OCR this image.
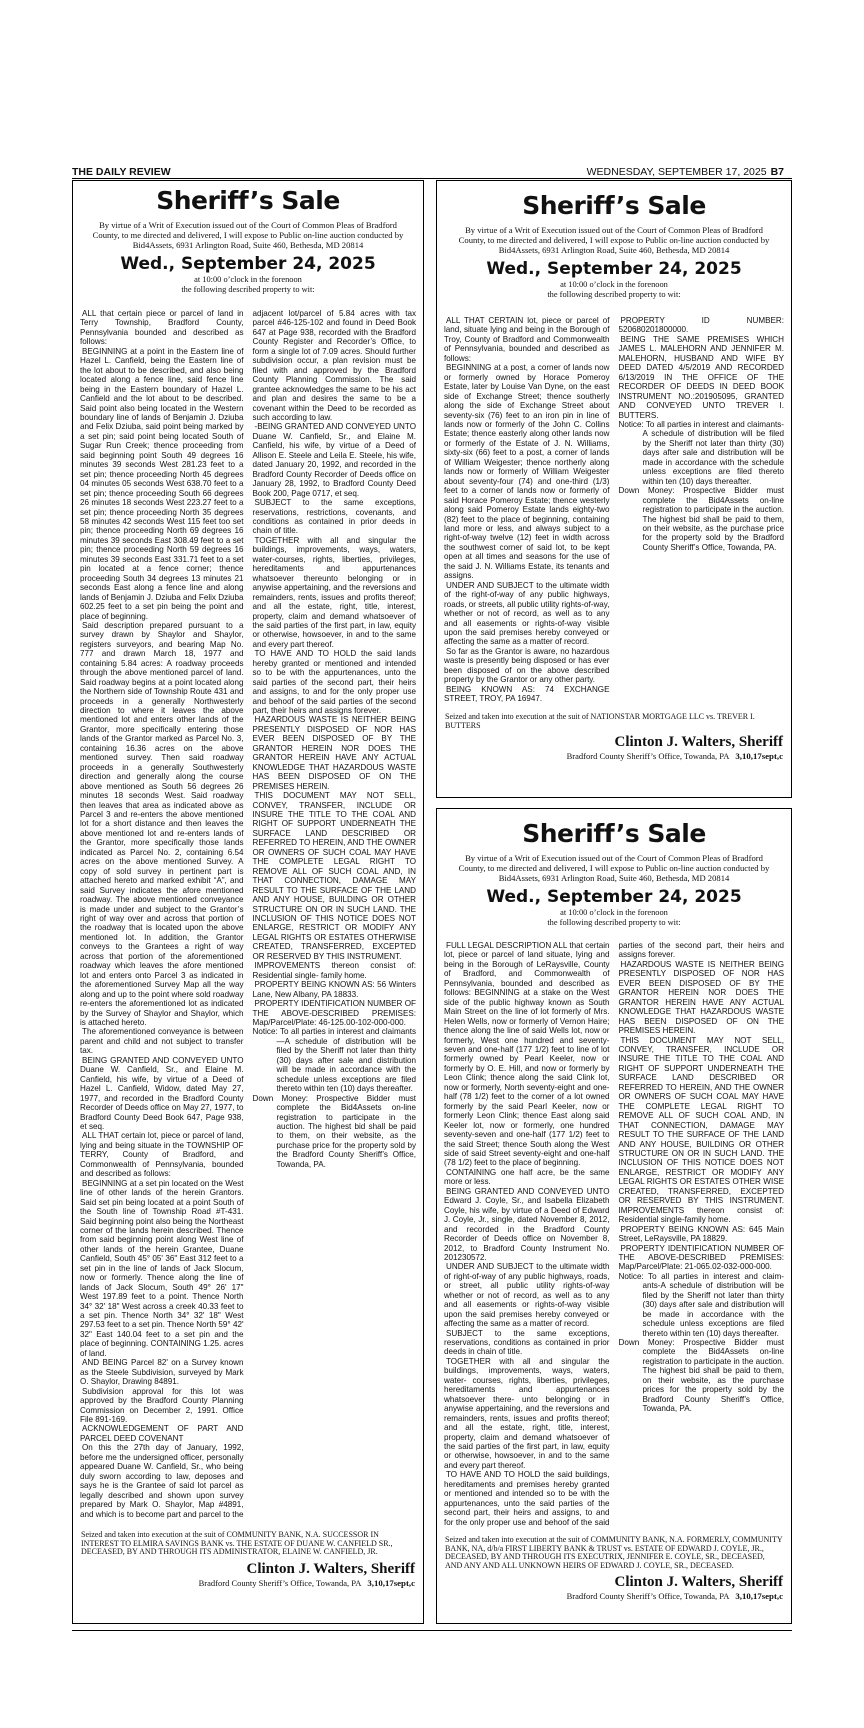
THE DAILY REVIEW	WEDNESDAY, SEPTEMBER 17, 2025 B7
Sheriff’s Sale
By virtue of a Writ of Execution issued out of the Court of Common Pleas of Bradford County, to me directed and delivered, I will expose to Public on-line auction conducted by Bid4Assets, 6931 Arlington Road, Suite 460, Bethesda, MD 20814
Wed., September 24, 2025
at 10:00 o’clock in the forenoon
the following described property to wit:

ALL that certain piece or parcel of land in Terry Township, Bradford County, Pennsylvania bounded and described as follows:

BEGINNING at a point in the Eastern line of Hazel L. Canfield, being the Eastern line of the lot about to be described, and also being located along a fence line, said fence line being in the Eastern boundary of Hazel L. Canfield and the lot about to be described. Said point also being located in the Western boundary line of lands of Benjamin J. Dziuba and Felix Dziuba, said point being marked by a set pin; said point being located South of Sugar Run Creek; thence proceeding from said beginning point South 49 degrees 16 minutes 39 seconds West 281.23 feet to a set pin; thence proceeding North 45 degrees 04 minutes 05 seconds West 638.70 feet to a set pin; thence proceeding South 66 degrees 26 minutes 18 seconds West 223.27 feet to a set pin; thence proceeding North 35 degrees 58 minutes 42 seconds West 115 feet too set pin; thence proceeding North 69 degrees 16 minutes 39 seconds East 308.49 feet to a set pin; thence proceeding North 59 degrees 16 minutes 39 seconds East 331.71 feet to a set pin located at a fence corner; thence proceeding South 34 degrees 13 minutes 21 seconds East along a fence line and along lands of Benjamin J. Dziuba and Felix Dziuba 602.25 feet to a set pin being the point and place of beginning.

Said description prepared pursuant to a survey drawn by Shaylor and Shaylor, registers surveyors, and bearing Map No. 777 and drawn March 18, 1977 and containing 5.84 acres: A roadway proceeds through the above mentioned parcel of land. Said roadway begins at a point located along the Northern side of Township Route 431 and proceeds in a generally Northwesterly direction to where it leaves the above mentioned lot and enters other lands of the Grantor, more specifically entering those lands of the Grantor marked as Parcel No. 3, containing 16.36 acres on the above mentioned survey. Then said roadway proceeds in a generally Southwesterly direction and generally along the course above mentioned as South 56 degrees 26 minutes 18 seconds West. Said roadway then leaves that area as indicated above as Parcel 3 and re-enters the above mentioned lot for a short distance and then leaves the above mentioned lot and re-enters lands of the Grantor, more specifically those lands indicated as Parcel No. 2, containing 6.54 acres on the above mentioned Survey. A copy of sold survey in pertinent part is attached hereto and marked exhibit “A”, and said Survey indicates the afore mentioned roadway. The above mentioned conveyance is made under and subject to the Grantor’s right of way over and across that portion of the roadway that is located upon the above mentioned lot. In addition, the Grantor conveys to the Grantees a right of way across that portion of the aforementioned roadway which leaves the afore mentioned lot and enters onto Parcel 3 as indicated in the aforementioned Survey Map all the way along and up to the point where sold roadway re-enters the aforementioned lot as indicated by the Survey of Shaylor and Shaylor, which is attached hereto.

The aforementioned conveyance is between parent and child and not subject to transfer tax.

BEING GRANTED AND CONVEYED UNTO Duane W. Canfield, Sr., and Elaine M. Canfield, his wife, by virtue of a Deed of Hazel L. Canfield, Widow, dated May 27, 1977, and recorded in the Bradford County Recorder of Deeds office on May 27, 1977, to Bradford County Deed Book 647, Page 938, et seq.

ALL THAT certain lot, piece or parcel of land, lying and being situate in the TOWNSHIP OF TERRY, County of Bradford, and Commonwealth of Pennsylvania, bounded and described as follows:

BEGINNING at a set pin located on the West line of other lands of the herein Grantors. Said set pin being located at a point South of the South line of Township Road #T-431. Said beginning point also being the Northeast corner of the lands herein described. Thence from said beginning point along West line of other lands of the herein Grantee, Duane Canfield, South 45° 05' 36" East 312 feet to a set pin in the line of lands of Jack Slocum, now or formerly. Thence along the line of lands of Jack Slocum, South 49° 26' 17" West 197.89 feet to a point. Thence North 34° 32' 18" West across a creek 40.33 feet to a set pin. Thence North 34° 32' 18" West 297.53 feet to a set pin. Thence North 59° 42' 32" East 140.04 feet to a set pin and the place of beginning. CONTAINING 1.25. acres of land.

AND BEING Parcel 82' on a Survey known as the Steele Subdivision, surveyed by Mark O. Shaylor, Drawing 84891.

Subdivision approval for this lot was approved by the Bradford County Planning Commission on December 2, 1991. Office File 891-169.

ACKNOWLEDGEMENT OF PART AND PARCEL DEED COVENANT

On this the 27th day of January, 1992, before me the undersigned officer, personally appeared Duane W. Canfield, Sr., who being duly sworn according to law, deposes and says he is the Grantee of said lot parcel as legally described and shown upon survey prepared by Mark O. Shaylor, Map #4891, and which is to become part and parcel to the adjacent lot/parcel of 5.84 acres with tax parcel #46-125-102 and found in Deed Book 647 at Page 938, recorded with the Bradford County Register and Recorder’s Office, to form a single lot of 7.09 acres. Should further subdivision occur, a plan revision must be filed with and approved by the Bradford County Planning Commission. The said grantee acknowledges the same to be his act and plan and desires the same to be a covenant within the Deed to be recorded as such according to law.

-BEING GRANTED AND CONVEYED UNTO Duane W. Canfield, Sr., and Elaine M. Canfield, his wife, by virtue of a Deed of Allison E. Steele and Leila E. Steele, his wife, dated January 20, 1992, and recorded in the Bradford County Recorder of Deeds office on January 28, 1992, to Bradford County Deed Book 200, Page 0717, et seq.

SUBJECT to the same exceptions, reservations, restrictions, covenants, and conditions as contained in prior deeds in chain of title.

TOGETHER with all and singular the buildings, improvements, ways, waters, water-courses, rights, liberties, privileges, hereditaments and appurtenances whatsoever thereunto belonging or in anywise appertaining, and the reversions and remainders, rents, issues and profits thereof; and all the estate, right, title, interest, property, claim and demand whatsoever of the said parties of the first part, in law, equity or otherwise, howsoever, in and to the same and every part thereof.

TO HAVE AND TO HOLD the said lands hereby granted or mentioned and intended so to be with the appurtenances, unto the said parties of the second part, their heirs and assigns, to and for the only proper use and behoof of the said parties of the second part, their heirs and assigns forever.

HAZARDOUS WASTE IS NEITHER BEING PRESENTLY DISPOSED OF NOR HAS EVER BEEN DISPOSED OF BY THE GRANTOR HEREIN NOR DOES THE GRANTOR HEREIN HAVE ANY ACTUAL KNOWLEDGE THAT HAZARDOUS WASTE HAS BEEN DISPOSED OF ON THE PREMISES HEREIN.

THIS DOCUMENT MAY NOT SELL, CONVEY, TRANSFER, INCLUDE OR INSURE THE TITLE TO THE COAL AND RIGHT OF SUPPORT UNDERNEATH THE SURFACE LAND DESCRIBED OR REFERRED TO HEREIN, AND THE OWNER OR OWNERS OF SUCH COAL MAY HAVE THE COMPLETE LEGAL RIGHT TO REMOVE ALL OF SUCH COAL AND, IN THAT CONNECTION, DAMAGE MAY RESULT TO THE SURFACE OF THE LAND AND ANY HOUSE, BUILDING OR OTHER STRUCTURE ON OR IN SUCH LAND. THE INCLUSION OF THIS NOTICE DOES NOT ENLARGE, RESTRICT OR MODIFY ANY LEGAL RIGHTS OR ESTATES OTHERWISE CREATED, TRANSFERRED, EXCEPTED OR RESERVED BY THIS INSTRUMENT.

IMPROVEMENTS thereon consist of: Residential single- family home.

PROPERTY BEING KNOWN AS: 56 Winters Lane, New Albany, PA 18833.

PROPERTY IDENTIFICATION NUMBER OF THE ABOVE-DESCRIBED PREMISES: Map/Parcel/Plate: 46-125.00-102-000-000.

Notice: To all parties in interest and claimants—A schedule of distribution will be filed by the Sheriff not later than thirty (30) days after sale and distribution will be made in accordance with the schedule unless exceptions are filed thereto within ten (10) days thereafter.

Down Money: Prospective Bidder must complete the Bid4Assets on-line registration to participate in the auction. The highest bid shall be paid to them, on their website, as the purchase price for the property sold by the Bradford County Sheriff’s Office, Towanda, PA.

Seized and taken into execution at the suit of COMMUNITY BANK, N.A. SUCCESSOR IN INTEREST TO ELMIRA SAVINGS BANK vs. THE ESTATE OF DUANE W. CANFIELD SR., DECEASED, BY AND THROUGH ITS ADMINISTRATOR, ELAINE W. CANFIELD, JR.

Clinton J. Walters, Sheriff
Bradford County Sheriff’s Office, Towanda, PA 3,10,17sept,c
Sheriff’s Sale
By virtue of a Writ of Execution issued out of the Court of Common Pleas of Bradford County, to me directed and delivered, I will expose to Public on-line auction conducted by Bid4Assets, 6931 Arlington Road, Suite 460, Bethesda, MD 20814
Wed., September 24, 2025
at 10:00 o’clock in the forenoon
the following described property to wit:

ALL THAT CERTAIN lot, piece or parcel of land, situate lying and being in the Borough of Troy, County of Bradford and Commonwealth of Pennsylvania, bounded and described as follows:

BEGINNING at a post, a corner of lands now or formerly owned by Horace Pomeroy Estate, later by Louise Van Dyne, on the east side of Exchange Street; thence southerly along the side of Exchange Street about seventy-six (76) feet to an iron pin in line of lands now or formerly of the John C. Collins Estate; thence easterly along other lands now or formerly of the Estate of J. N. Williams, sixty-six (66) feet to a post, a corner of lands of William Weigester; thence northerly along lands now or formerly of William Weigester about seventy-four (74) and one-third (1/3) feet to a corner of lands now or formerly of said Horace Pomeroy Estate; thence westerly along said Pomeroy Estate lands eighty-two (82) feet to the place of beginning, containing land more or less, and always subject to a right-of-way twelve (12) feet in width across the southwest corner of said lot, to be kept open at all times and seasons for the use of the said J. N. Williams Estate, its tenants and assigns.

UNDER AND SUBJECT to the ultimate width of the right-of-way of any public highways, roads, or streets, all public utility rights-of-way, whether or not of record, as well as to any and all easements or rights-of-way visible upon the said premises hereby conveyed or affecting the same as a matter of record.

So far as the Grantor is aware, no hazardous waste is presently being disposed or has ever been disposed of on the above described property by the Grantor or any other party.

BEING KNOWN AS: 74 EXCHANGE STREET, TROY, PA 16947.

PROPERTY ID NUMBER: 520680201800000.

BEING THE SAME PREMISES WHICH JAMES L. MALEHORN AND JENNIFER M. MALEHORN, HUSBAND AND WIFE BY DEED DATED 4/5/2019 AND RECORDED 6/13/2019 IN THE OFFICE OF THE RECORDER OF DEEDS IN DEED BOOK INSTRUMENT NO.:201905095, GRANTED AND CONVEYED UNTO TREVER I. BUTTERS.

Notice: To all parties in interest and claimants-A schedule of distribution will be filed by the Sheriff not later than thirty (30) days after sale and distribution will be made in accordance with the schedule unless exceptions are filed thereto within ten (10) days thereafter.

Down Money: Prospective Bidder must complete the Bid4Assets on-line registration to participate in the auction. The highest bid shall be paid to them, on their website, as the purchase price for the property sold by the Bradford County Sheriff’s Office, Towanda, PA.

Seized and taken into execution at the suit of NATIONSTAR MORTGAGE LLC vs. TREVER I. BUTTERS

Clinton J. Walters, Sheriff
Bradford County Sheriff’s Office, Towanda, PA 3,10,17sept,c
Sheriff’s Sale
By virtue of a Writ of Execution issued out of the Court of Common Pleas of Bradford County, to me directed and delivered, I will expose to Public on-line auction conducted by Bid4Assets, 6931 Arlington Road, Suite 460, Bethesda, MD 20814
Wed., September 24, 2025
at 10:00 o’clock in the forenoon
the following described property to wit:

FULL LEGAL DESCRIPTION ALL that certain lot, piece or parcel of land situate, lying and being in the Borough of LeRaysville, County of Bradford, and Commonwealth of Pennsylvania, bounded and described as follows: BEGINNING at a stake on the West side of the public highway known as South Main Street on the line of lot formerly of Mrs. Helen Wells, now or formerly of Vernon Haire; thence along the line of said Wells lot, now or formerly, West one hundred and seventy-seven and one-half (177 1/2) feet to line of lot formerly owned by Pearl Keeler, now or formerly by O. E. Hill, and now or formerly by Leon Clink; thence along the said Clink lot, now or formerly, North seventy-eight and one-half (78 1/2) feet to the corner of a lot owned formerly by the said Pearl Keeler, now or formerly Leon Clink; thence East along said Keeler lot, now or formerly, one hundred seventy-seven and one-half (177 1/2) feet to the said Street; thence South along the West side of said Street seventy-eight and one-half (78 1/2) feet to the place of beginning.

CONTAINING one half acre, be the same more or less.

BEING GRANTED AND CONVEYED UNTO Edward J. Coyle, Sr., and Isabella Elizabeth Coyle, his wife, by virtue of a Deed of Edward J. Coyle, Jr., single, dated November 8, 2012, and recorded in the Bradford County Recorder of Deeds office on November 8, 2012, to Bradford County Instrument No. 201230572.

UNDER AND SUBJECT to the ultimate width of right-of-way of any public highways, roads, or street, all public utility rights-of-way whether or not of record, as well as to any and all easements or rights-of-way visible upon the said premises hereby conveyed or affecting the same as a matter of record.

SUBJECT to the same exceptions, reservations, conditions as contained in prior deeds in chain of title.

TOGETHER with all and singular the buildings, improvements, ways, waters, water- courses, rights, liberties, privileges, hereditaments and appurtenances whatsoever there- unto belonging or in anywise appertaining, and the reversions and remainders, rents, issues and profits thereof; and all the estate, right, title, interest, property, claim and demand whatsoever of the said parties of the first part, in law, equity or otherwise, howsoever, in and to the same and every part thereof.

TO HAVE AND TO HOLD the said buildings, hereditaments and premises hereby granted or mentioned and intended so to be with the appurtenances, unto the said parties of the second part, their heirs and assigns, to and for the only proper use and behoof of the said parties of the second part, their heirs and assigns forever.

HAZARDOUS WASTE IS NEITHER BEING PRESENTLY DISPOSED OF NOR HAS EVER BEEN DISPOSED OF BY THE GRANTOR HEREIN NOR DOES THE GRANTOR HEREIN HAVE ANY ACTUAL KNOWLEDGE THAT HAZARDOUS WASTE HAS BEEN DISPOSED OF ON THE PREMISES HEREIN.

THIS DOCUMENT MAY NOT SELL, CONVEY, TRANSFER, INCLUDE OR INSURE THE TITLE TO THE COAL AND RIGHT OF SUPPORT UNDERNEATH THE SURFACE LAND DESCRIBED OR REFERRED TO HEREIN, AND THE OWNER OR OWNERS OF SUCH COAL MAY HAVE THE COMPLETE LEGAL RIGHT TO REMOVE ALL OF SUCH COAL AND, IN THAT CONNECTION, DAMAGE MAY RESULT TO THE SURFACE OF THE LAND AND ANY HOUSE, BUILDING OR OTHER STRUCTURE ON OR IN SUCH LAND. THE INCLUSION OF THIS NOTICE DOES NOT ENLARGE, RESTRICT OR MODIFY ANY LEGAL RIGHTS OR ESTATES OTHER WISE CREATED, TRANSFERRED, EXCEPTED OR RESERVED BY THIS INSTRUMENT. IMPROVEMENTS thereon consist of: Residential single-family home.

PROPERTY BEING KNOWN AS: 645 Main Street, LeRaysville, PA 18829.

PROPERTY IDENTIFICATION NUMBER OF THE ABOVE-DESCRIBED PREMISES: Map/Parcel/Plate: 21-065.02-032-000-000.

Notice: To all parties in interest and claim- ants-A schedule of distribution will be filed by the Sheriff not later than thirty (30) days after sale and distribution will be made in accordance with the schedule unless exceptions are filed thereto within ten (10) days thereafter.

Down Money: Prospective Bidder must complete the Bid4Assets on-line registration to participate in the auction. The highest bid shall be paid to them, on their website, as the purchase prices for the property sold by the Bradford County Sheriff’s Office, Towanda, PA.

Seized and taken into execution at the suit of COMMUNITY BANK, N.A. FORMERLY, COMMUNITY BANK, NA, d/b/a FIRST LIBERTY BANK & TRUST vs. ESTATE OF EDWARD J. COYLE, JR., DECEASED, BY AND THROUGH ITS EXECUTRIX, JENNIFER E. COYLE, SR., DECEASED, AND ANY AND ALL UNKNOWN HEIRS OF EDWARD J. COYLE, SR., DECEASED.

Clinton J. Walters, Sheriff
Bradford County Sheriff’s Office, Towanda, PA 3,10,17sept,c
